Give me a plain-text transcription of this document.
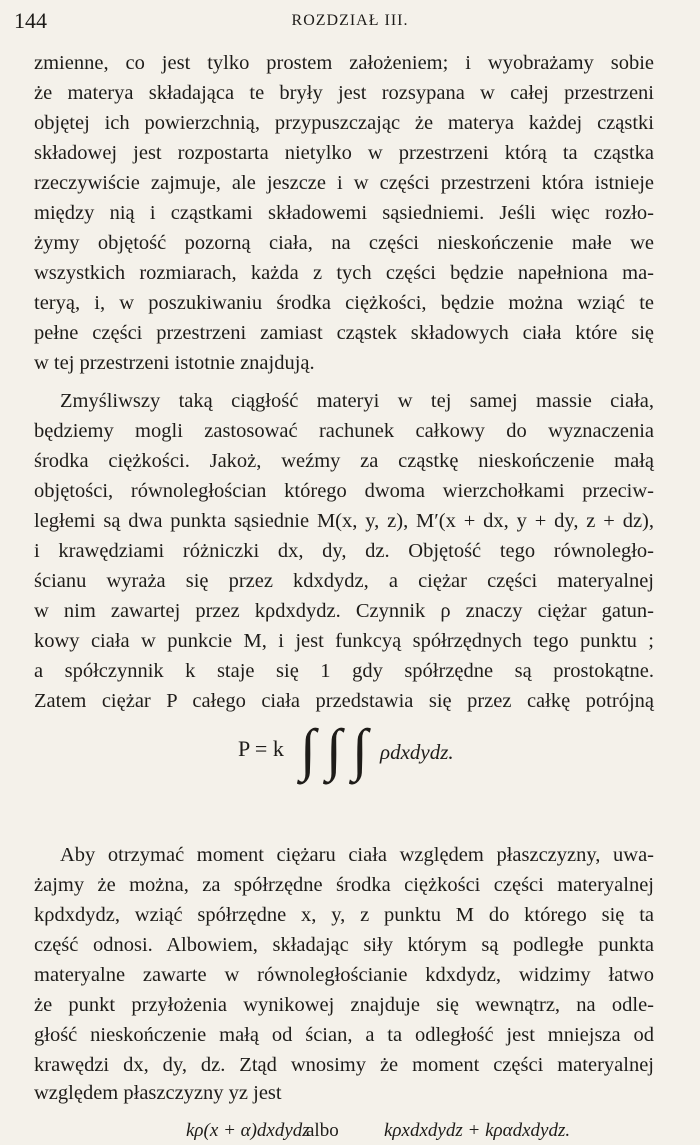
144	ROZDZIAŁ III.
zmienne, co jest tylko prostem założeniem; i wyobrażamy sobie
że materya składająca te bryły jest rozsypana w całej przestrzeni
objętej ich powierzchnią, przypuszczając że materya każdej cząstki
składowej jest rozpostarta nietylko w przestrzeni którą ta cząstka
rzeczywiście zajmuje, ale jeszcze i w części przestrzeni która istnieje
między nią i cząstkami składowemi sąsiedniemi. Jeśli więc rozło-
żymy objętość pozorną ciała, na części nieskończenie małe we
wszystkich rozmiarach, każda z tych części będzie napełniona ma-
teryą, i, w poszukiwaniu środka ciężkości, będzie można wziąć te
pełne części przestrzeni zamiast cząstek składowych ciała które się
w tej przestrzeni istotnie znajdują.
Zmyśliwszy taką ciągłość materyi w tej samej massie ciała,
będziemy mogli zastosować rachunek całkowy do wyznaczenia
środka ciężkości. Jakoż, weźmy za cząstkę nieskończenie małą
objętości, równoległościan którego dwoma wierzchołkami przeciw-
ległemi są dwa punkta sąsiednie M(x, y, z), M′(x + dx, y + dy, z + dz),
i krawędziami różniczki dx, dy, dz. Objętość tego równoległo-
ścianu wyraża się przez kdxdydz, a ciężar części materyalnej
w nim zawartej przez kρdxdydz. Czynnik ρ znaczy ciężar gatun-
kowy ciała w punkcie M, i jest funkcyą spółrzędnych tego punktu ;
a spółczynnik k staje się 1 gdy spółrzędne są prostokątne.
Zatem ciężar P całego ciała przedstawia się przez całkę potrójną
Aby otrzymać moment ciężaru ciała względem płaszczyzny, uwa-
żajmy że można, za spółrzędne środka ciężkości części materyalnej
kρdxdydz, wziąć spółrzędne x, y, z punktu M do którego się ta
część odnosi. Albowiem, składając siły którym są podległe punkta
materyalne zawarte w równoległościanie kdxdydz, widzimy łatwo
że punkt przyłożenia wynikowej znajduje się wewnątrz, na odle-
głość nieskończenie małą od ścian, a ta odległość jest mniejsza od
krawędzi dx, dy, dz. Ztąd wnosimy że moment części materyalnej
względem płaszczyzny yz jest
P = k ∫ ∫ ∫ ρdxdydz.
kρ(x + α)dxdydz
albo kρxdxdydz + kραdxdydz.
